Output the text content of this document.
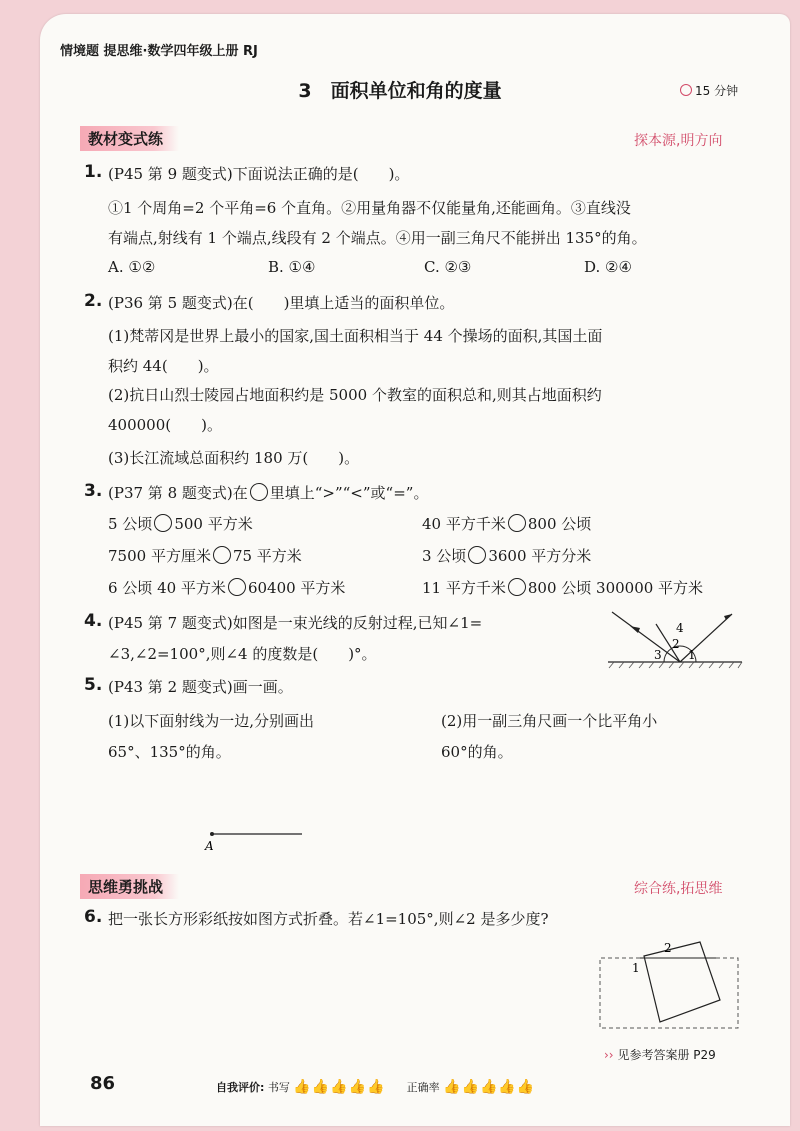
情境题 提思维·数学四年级上册 RJ
3　面积单位和角的度量	15 分钟
教材变式练	探本源,明方向
1. (P45 第 9 题变式)下面说法正确的是(　　)。
①1 个周角=2 个平角=6 个直角。②用量角器不仅能量角,还能画角。③直线没
有端点,射线有 1 个端点,线段有 2 个端点。④用一副三角尺不能拼出 135°的角。
A. ①②	B. ①④	C. ②③	D. ②④
2. (P36 第 5 题变式)在(　　)里填上适当的面积单位。
(1)梵蒂冈是世界上最小的国家,国土面积相当于 44 个操场的面积,其国土面
积约 44(　　)。
(2)抗日山烈士陵园占地面积约是 5000 个教室的面积总和,则其占地面积约
400000(　　)。
(3)长江流域总面积约 180 万(　　)。
3. (P37 第 8 题变式)在 里填上“>”“<”或“=”。
5 公顷 500 平方米	40 平方千米 800 公顷
7500 平方厘米 75 平方米	3 公顷 3600 平方分米
6 公顷 40 平方米 60400 平方米	11 平方千米 800 公顷 300000 平方米
4. (P45 第 7 题变式)如图是一束光线的反射过程,已知∠1=
∠3,∠2=100°,则∠4 的度数是(　　)°。	1
2
3
4
5. (P43 第 2 题变式)画一画。
(1)以下面射线为一边,分别画出
65°、135°的角。
(2)用一副三角尺画一个比平角小
60°的角。
A
思维勇挑战	综合练,拓思维
6. 把一张长方形彩纸按如图方式折叠。若∠1=105°,则∠2 是多少度?
1
2
›› 见参考答案册 P29
86	自我评价: 书写 👍👍👍👍👍 正确率 👍👍👍👍👍
